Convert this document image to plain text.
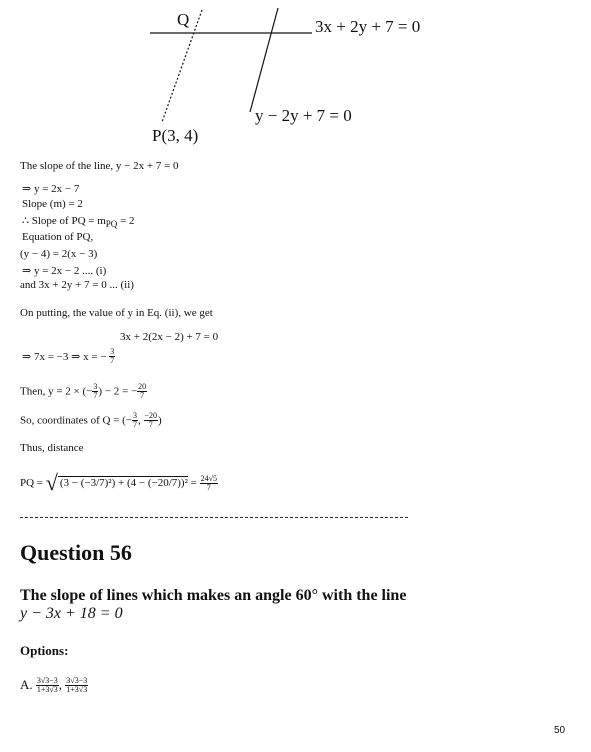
Q	3x + 2y + 7 = 0
y − 2y + 7 = 0
P(3, 4)
The slope of the line, y − 2x + 7 = 0
⇒ y = 2x − 7
Slope (m) = 2
∴ Slope of PQ = $m_{PQ} = 2$
Equation of PQ,
(y − 4) = 2(x − 3)
⇒ y = 2x − 2 .... (i)
and 3x + 2y + 7 = 0 ... (ii)
On putting, the value of y in Eq. (ii), we get
3x + 2(2x − 2) + 7 = 0
⇒ 7x = −3 ⇒ x = − $\frac{3}{7}$
Then, y = 2 × (− $\frac{3}{7}$ ) − 2 = − $\frac{20}{7}$
So, coordinates of Q = (− $\frac{3}{7}$ , $\frac{-20}{7}$ )
Thus, distance
PQ = √ $(3 - (-3/7)^2) + (4 - (-20/7))^2 = \frac{24√5}{7}$
Question 56
The slope of lines which makes an angle 60° with the line
y − 3x + 18 = 0
Options:
A. $\frac{3√3-3}{1+3√3}$ , $\frac{3√3-3}{1+3√3}$
50
